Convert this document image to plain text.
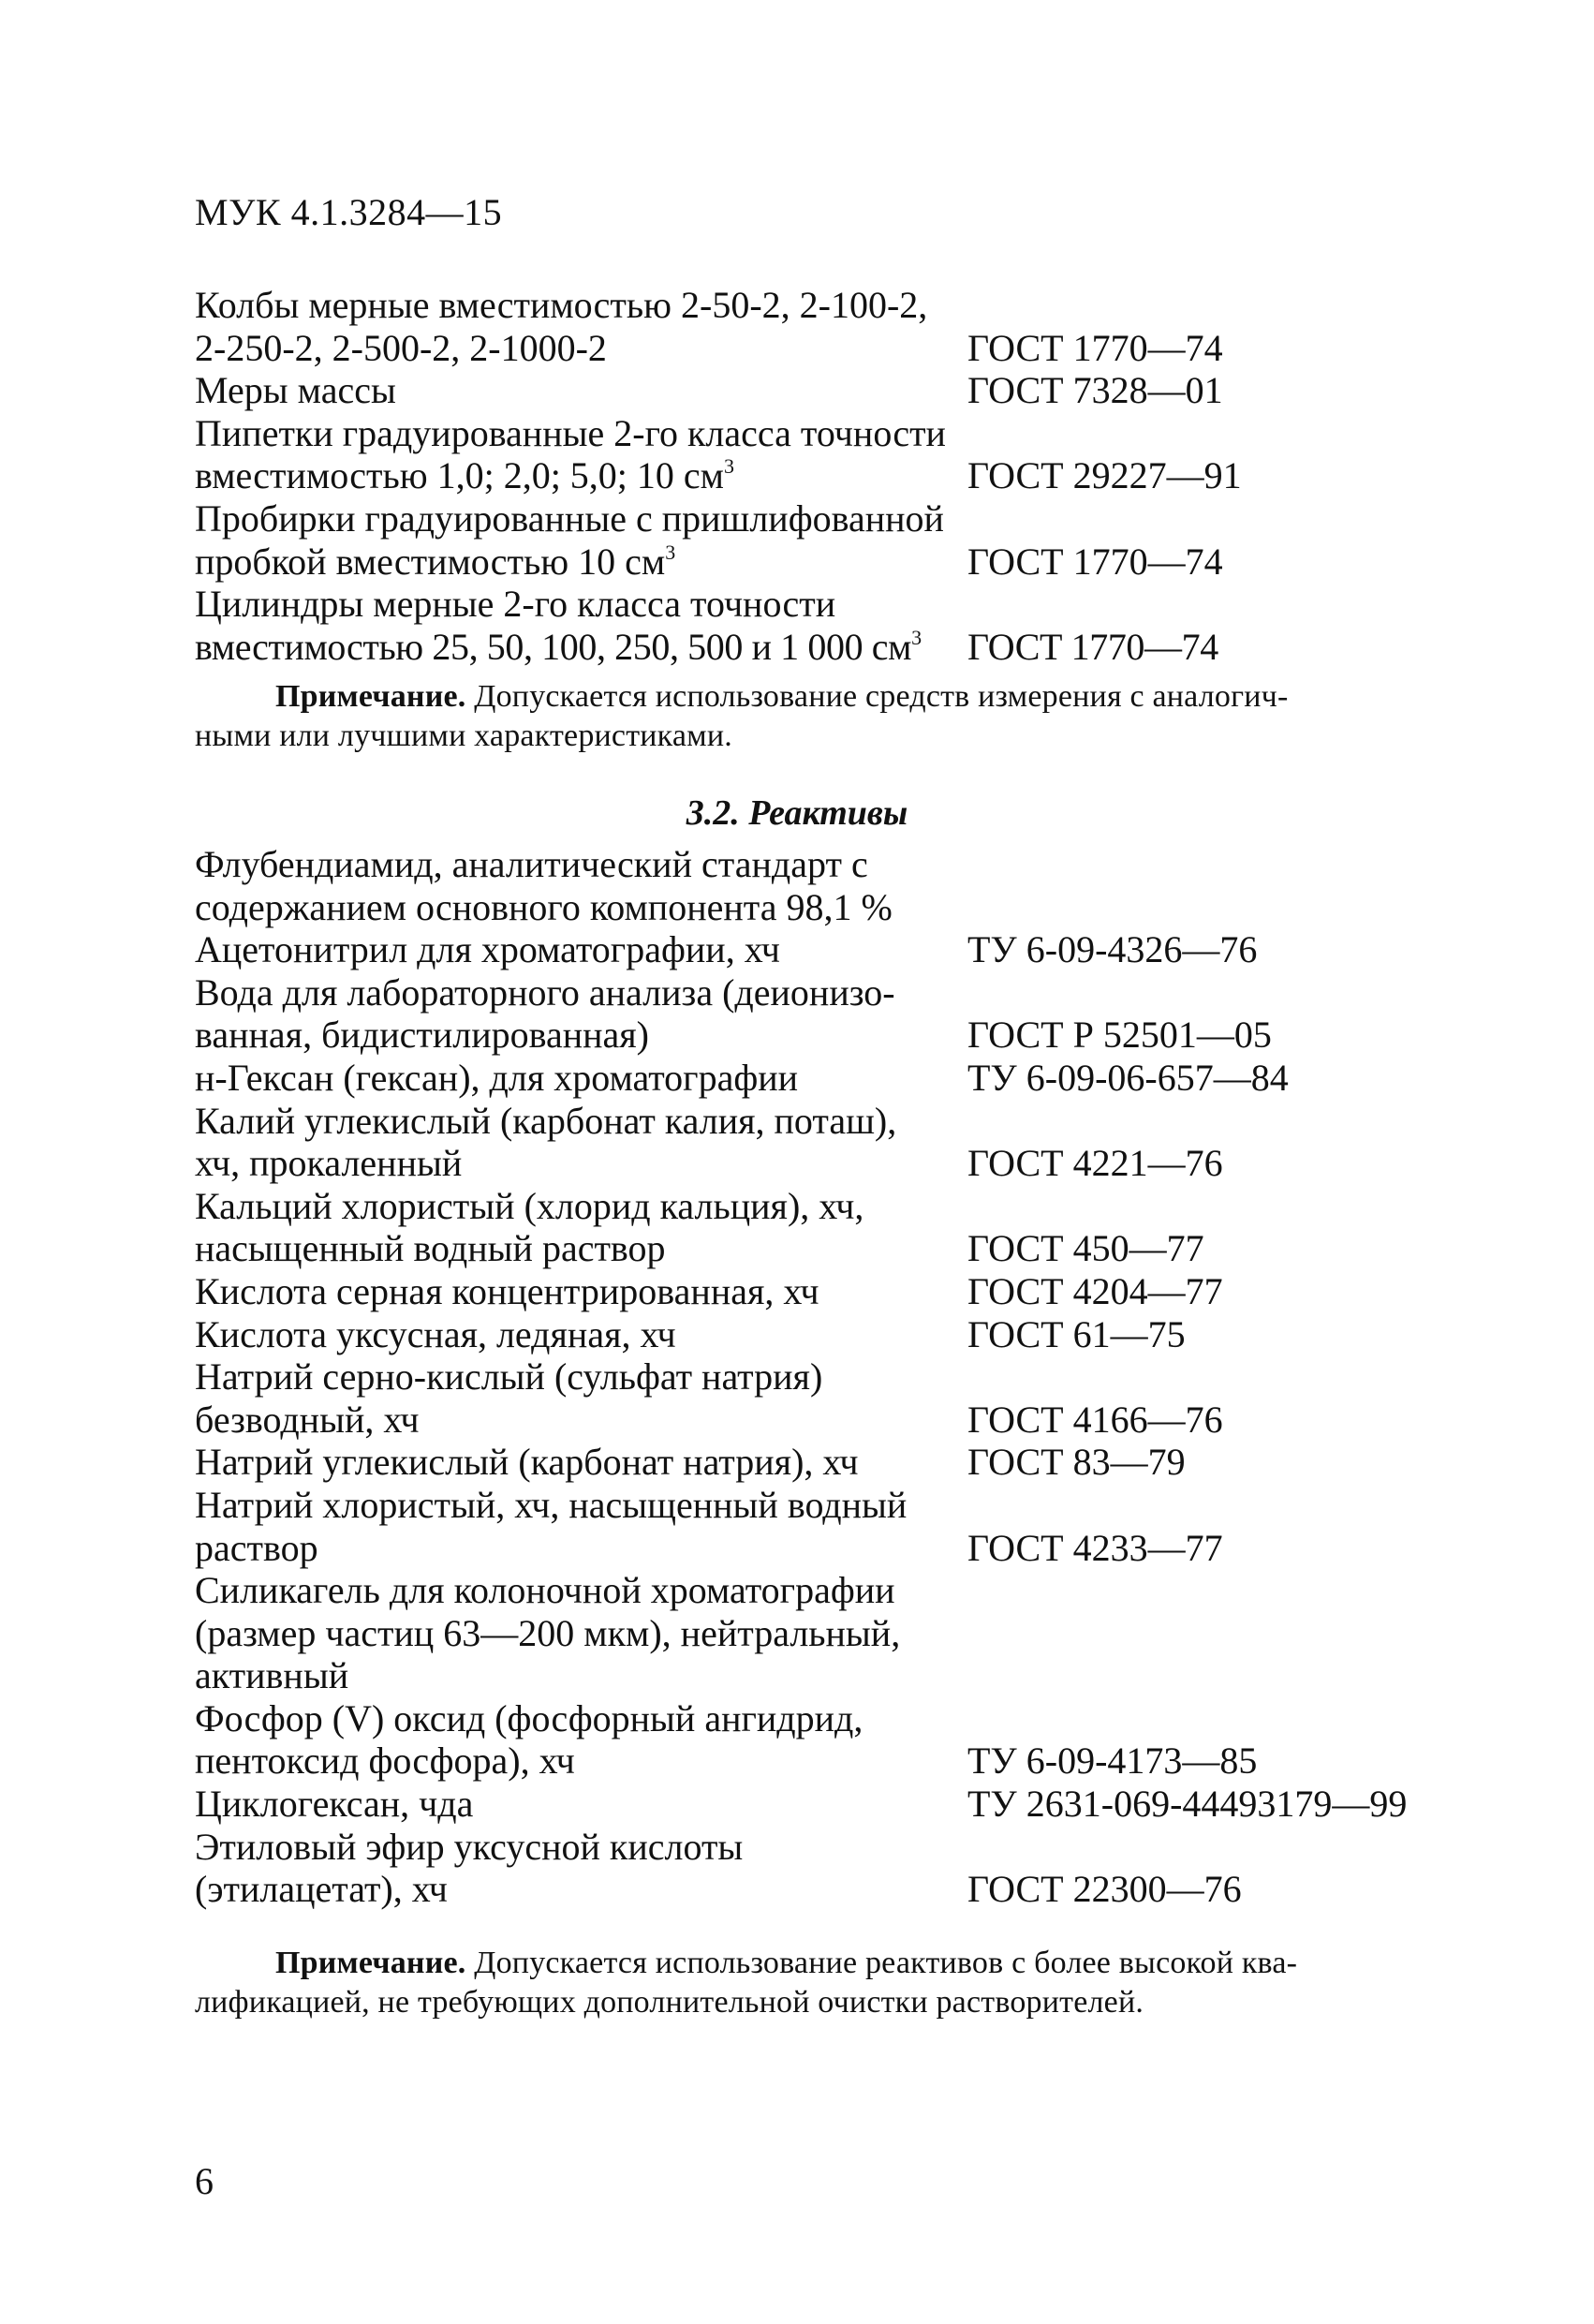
МУК 4.1.3284—15
Колбы мерные вместимостью 2-50-2, 2-100-2,
2-250-2, 2-500-2, 2-1000-2	ГОСТ 1770—74
Меры массы	ГОСТ 7328—01
Пипетки градуированные 2-го класса точности
вместимостью 1,0; 2,0; 5,0; 10 $см^3$	ГОСТ 29227—91
Пробирки градуированные с пришлифованной
пробкой вместимостью 10 $см^3$	ГОСТ 1770—74
Цилиндры мерные 2-го класса точности
вместимостью 25, 50, 100, 250, 500 и 1 000 $см^3$	ГОСТ 1770—74
Примечание. Допускается использование средств измерения с аналогич-
ными или лучшими характеристиками.
3.2. Реактивы
Флубендиамид, аналитический стандарт с
содержанием основного компонента 98,1 %
Ацетонитрил для хроматографии, хч	ТУ 6-09-4326—76
Вода для лабораторного анализа (деионизо-
ванная, бидистилированная)	ГОСТ Р 52501—05
н-Гексан (гексан), для хроматографии	ТУ 6-09-06-657—84
Калий углекислый (карбонат калия, поташ),
хч, прокаленный	ГОСТ 4221—76
Кальций хлористый (хлорид кальция), хч,
насыщенный водный раствор	ГОСТ 450—77
Кислота серная концентрированная, хч	ГОСТ 4204—77
Кислота уксусная, ледяная, хч	ГОСТ 61—75
Натрий серно-кислый (сульфат натрия)
безводный, хч	ГОСТ 4166—76
Натрий углекислый (карбонат натрия), хч	ГОСТ 83—79
Натрий хлористый, хч, насыщенный водный
раствор	ГОСТ 4233—77
Силикагель для колоночной хроматографии
(размер частиц 63—200 мкм), нейтральный,
активный
Фосфор (V) оксид (фосфорный ангидрид,
пентоксид фосфора), хч	ТУ 6-09-4173—85
Циклогексан, чда	ТУ 2631-069-44493179—99
Этиловый эфир уксусной кислоты
(этилацетат), хч	ГОСТ 22300—76
Примечание. Допускается использование реактивов с более высокой ква-
лификацией, не требующих дополнительной очистки растворителей.
6
